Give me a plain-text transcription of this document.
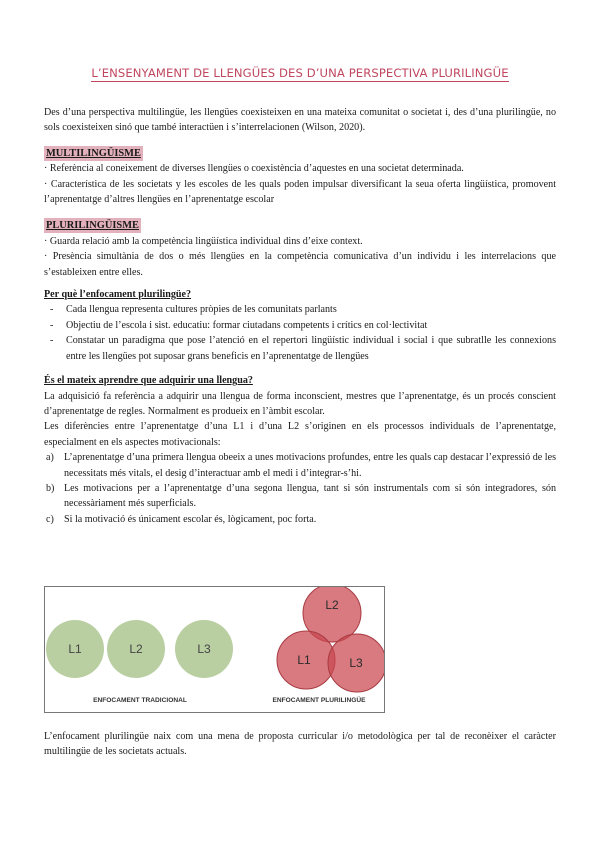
L’ENSENYAMENT DE LLENGÜES DES D’UNA PERSPECTIVA PLURILINGÜE

Des d’una perspectiva multilingüe, les llengües coexisteixen en una mateixa comunitat o societat i, des d’una plurilingüe, no sols coexisteixen sinó que també interactüen i s’interrelacionen (Wilson, 2020).

MULTILINGÜISME

· Referència al coneixement de diverses llengües o coexistència d’aquestes en una societat determinada.

· Característica de les societats y les escoles de les quals poden impulsar diversificant la seua oferta lingüística, promovent l’aprenentatge d’altres llengües en l’aprenentatge escolar

PLURILINGÜISME

· Guarda relació amb la competència lingüística individual dins d’eixe context.

· Presència simultània de dos o més llengües en la competència comunicativa d’un individu i les interrelacions que s’estableixen entre elles.

Per què l’enfocament plurilingüe?
- Cada llengua representa cultures pròpies de les comunitats parlants
- Objectiu de l’escola i sist. educatiu: formar ciutadans competents i crítics en col·lectivitat
- Constatar un paradigma que pose l’atenció en el repertori lingüístic individual i social i que subratlle les connexions entre les llengües pot suposar grans beneficis en l’aprenentatge de llengües
És el mateix aprendre que adquirir una llengua?

La adquisició fa referència a adquirir una llengua de forma inconscient, mestres que l’aprenentatge, és un procés conscient d’aprenentatge de regles. Normalment es produeix en l’àmbit escolar.

Les diferències entre l’aprenentatge d’una L1 i d’una L2 s’originen en els processos individuals de l’aprenentatge, especialment en els aspectes motivacionals:

a) L’aprenentatge d’una primera llengua obeeix a unes motivacions profundes, entre les quals cap destacar l’expressió de les necessitats més vitals, el desig d’interactuar amb el medi i d’integrar-s’hi.
b) Les motivacions per a l’aprenentatge d’una segona llengua, tant si són instrumentals com si són integradores, són necessàriament més superficials.
c) Si la motivació és únicament escolar és, lògicament, poc forta.
L1	L2	L3
L2
L1	L3
ENFOCAMENT TRADICIONAL	ENFOCAMENT PLURILINGÜE

L’enfocament plurilingüe naix com una mena de proposta curricular i/o metodològica per tal de reconèixer el caràcter multilingüe de les societats actuals.
